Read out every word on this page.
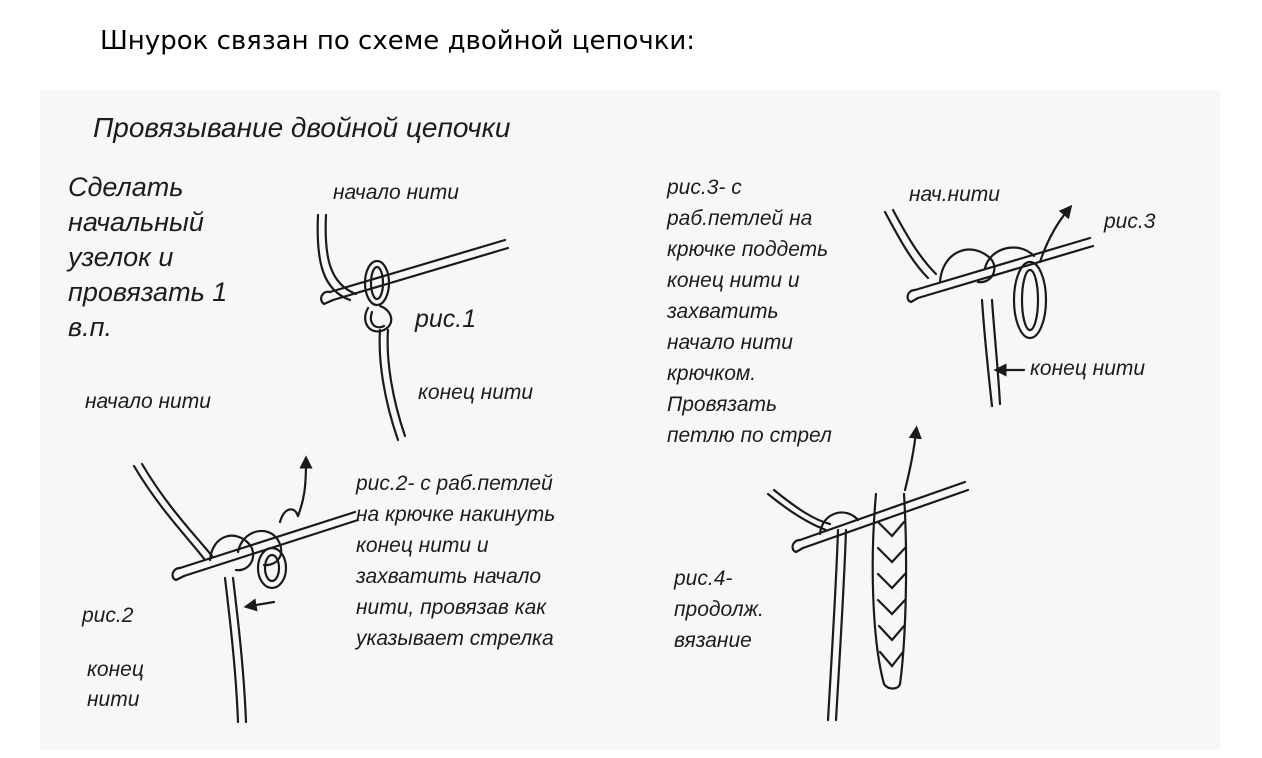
Шнурок связан по схеме двойной цепочки:
Провязывание двойной цепочки
Сделать
начальный
узелок и
провязать 1
в.п.
начало нити
рис.1
конец нити
начало нити
рис.2- с раб.петлей
на крючке накинуть
конец нити и
захватить начало
нити, провязав как
указывает стрелка
рис.2
конец
нити
рис.3- с
раб.петлей на
крючке поддеть
конец нити и
захватить
начало нити
крючком.
Провязать
петлю по стрел
нач.нити
рис.3
конец нити
рис.4-
продолж.
вязание
